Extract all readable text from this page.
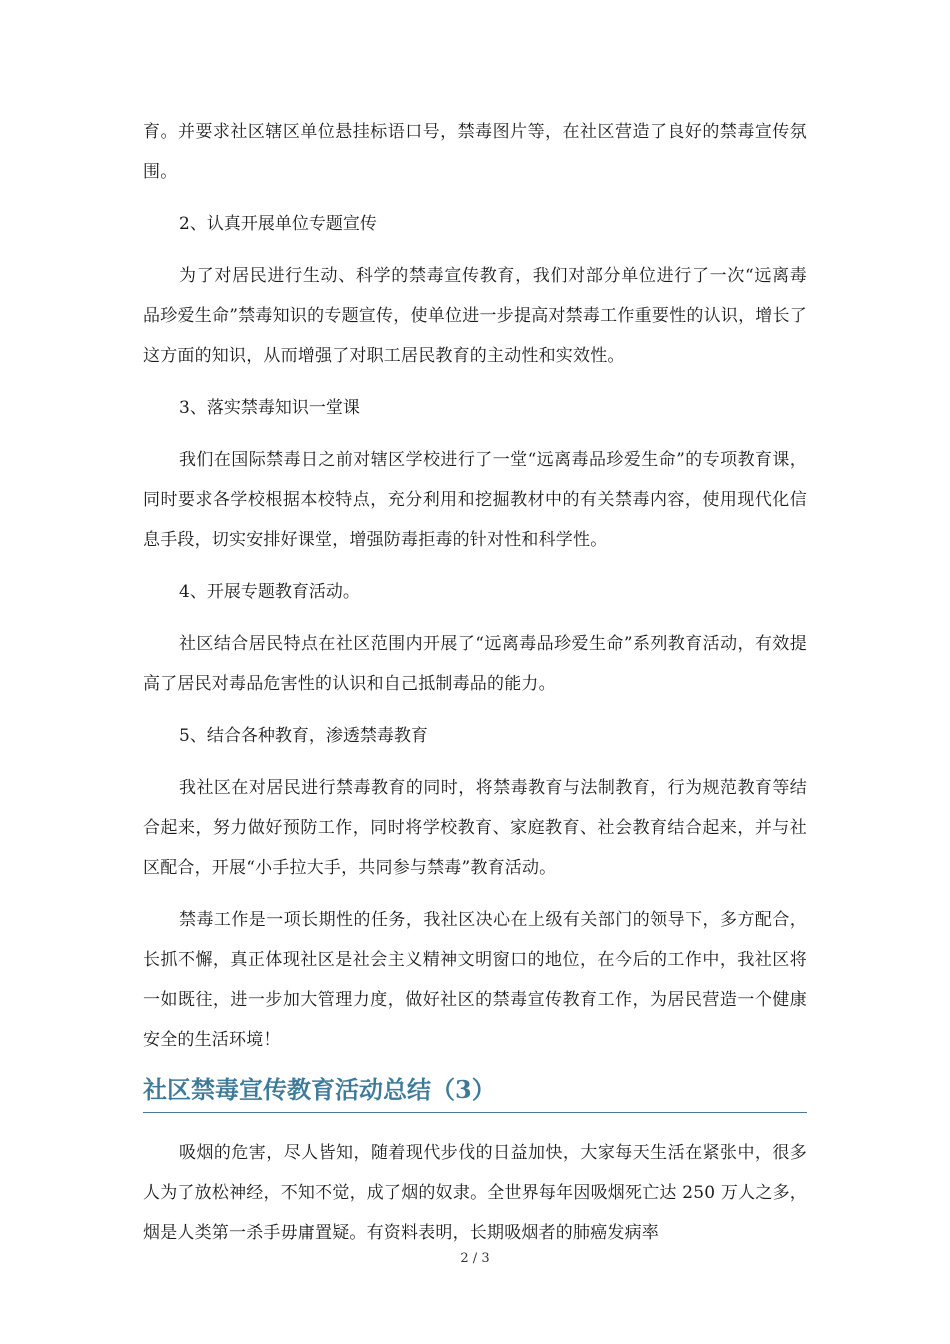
育。并要求社区辖区单位悬挂标语口号，禁毒图片等，在社区营造了良好的禁毒宣传氛围。

2、认真开展单位专题宣传

为了对居民进行生动、科学的禁毒宣传教育，我们对部分单位进行了一次“远离毒品珍爱生命”禁毒知识的专题宣传，使单位进一步提高对禁毒工作重要性的认识，增长了这方面的知识，从而增强了对职工居民教育的主动性和实效性。

3、落实禁毒知识一堂课

我们在国际禁毒日之前对辖区学校进行了一堂“远离毒品珍爱生命”的专项教育课，同时要求各学校根据本校特点，充分利用和挖掘教材中的有关禁毒内容，使用现代化信息手段，切实安排好课堂，增强防毒拒毒的针对性和科学性。

4、开展专题教育活动。

社区结合居民特点在社区范围内开展了“远离毒品珍爱生命”系列教育活动，有效提高了居民对毒品危害性的认识和自己抵制毒品的能力。

5、结合各种教育，渗透禁毒教育

我社区在对居民进行禁毒教育的同时，将禁毒教育与法制教育，行为规范教育等结合起来，努力做好预防工作，同时将学校教育、家庭教育、社会教育结合起来，并与社区配合，开展“小手拉大手，共同参与禁毒”教育活动。

禁毒工作是一项长期性的任务，我社区决心在上级有关部门的领导下，多方配合，长抓不懈，真正体现社区是社会主义精神文明窗口的地位，在今后的工作中，我社区将一如既往，进一步加大管理力度，做好社区的禁毒宣传教育工作，为居民营造一个健康安全的生活环境！

社区禁毒宣传教育活动总结（3）

吸烟的危害，尽人皆知，随着现代步伐的日益加快，大家每天生活在紧张中，很多人为了放松神经，不知不觉，成了烟的奴隶。全世界每年因吸烟死亡达 250 万人之多，烟是人类第一杀手毋庸置疑。有资料表明，长期吸烟者的肺癌发病率

2 / 3
